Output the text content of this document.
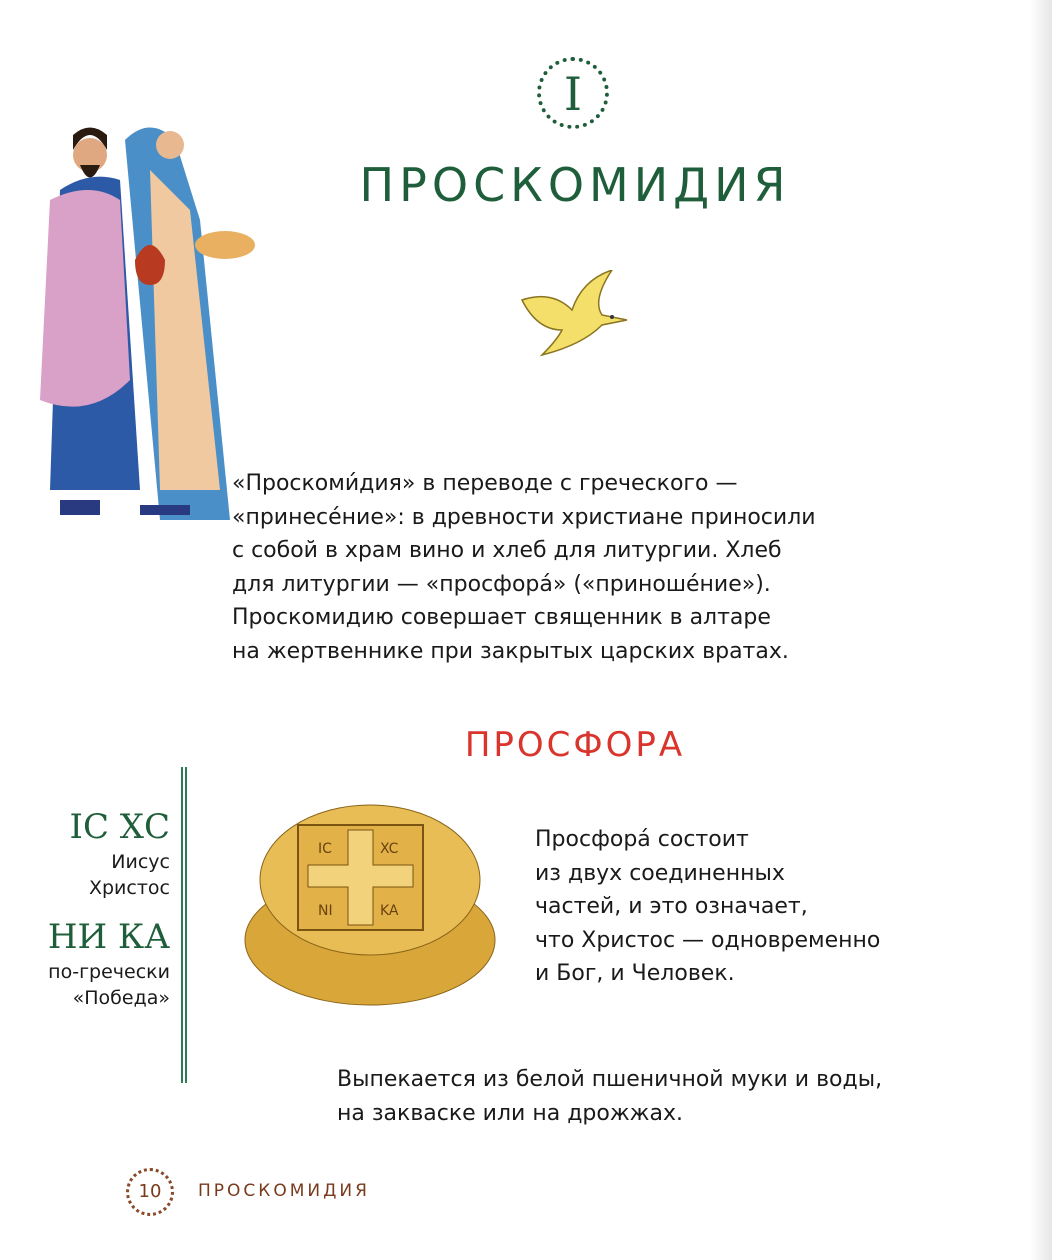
I
ПРОСКОМИДИЯ
«Проскоми́дия» в переводе с греческого —
«принесе́ние»: в древности христиане приносили
с собой в храм вино и хлеб для литургии. Хлеб
для литургии — «просфора́» («приноше́ние»).
Проскомидию совершает священник в алтаре
на жертвеннике при закрытых царских вратах.
ПРОСФОРА
ІС ХС
Иисус
Христос
НИ КА
по-гречески
«Победа»
IC	XC
NI	KA
Просфора́ состоит
из двух соединенных
частей, и это означает,
что Христос — одновременно
и Бог, и Человек.
Выпекается из белой пшеничной муки и воды,
на закваске или на дрожжах.
10	ПРОСКОМИДИЯ
